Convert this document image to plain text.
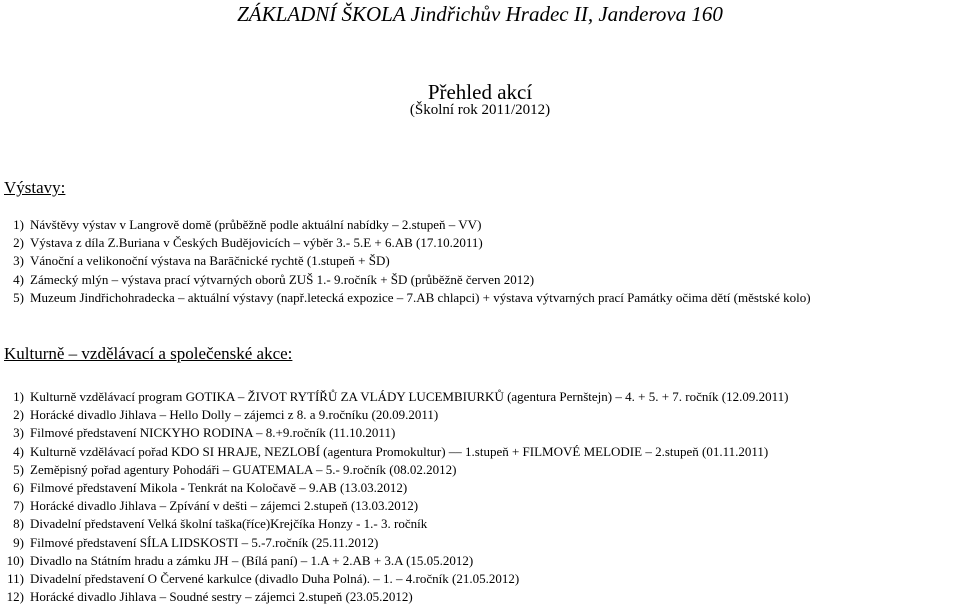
ZÁKLADNÍ ŠKOLA Jindřichův Hradec II, Janderova 160
Přehled akcí
(Školní rok 2011/2012)
Výstavy:
1) Návštěvy výstav v Langrově domě (průběžně podle aktuální nabídky – 2.stupeň – VV)
2) Výstava z díla Z.Buriana v Českých Budějovicích – výběr 3.- 5.E + 6.AB (17.10.2011)
3) Vánoční a velikonoční výstava na Barāčnické rychtě (1.stupeň + ŠD)
4) Zámecký mlýn – výstava prací výtvarných oborů ZUŠ 1.- 9.ročník + ŠD (průběžně červen 2012)
5) Muzeum Jindřichohradecka – aktuální výstavy (např.letecká expozice – 7.AB chlapci) + výstava výtvarných prací Památky očima dětí (městské kolo)
Kulturně – vzdělávací a společenské akce:
1) Kulturně vzdělávací program GOTIKA – ŽIVOT RYTÍŘŮ ZA VLÁDY LUCEMBIURKŮ (agentura Pernštejn) – 4. + 5. + 7. ročník (12.09.2011)
2) Horácké divadlo Jihlava – Hello Dolly – zájemci z 8. a 9.ročníku (20.09.2011)
3) Filmové představení NICKYHO RODINA – 8.+9.ročník (11.10.2011)
4) Kulturně vzdělávací pořad KDO SI HRAJE, NEZLOBÍ (agentura Promokultur) –– 1.stupeň + FILMOVÉ MELODIE – 2.stupeň (01.11.2011)
5) Zeměpisný pořad agentury Pohodáři – GUATEMALA – 5.- 9.ročník (08.02.2012)
6) Filmové představení Mikola - Tenkrát na Koločavě – 9.AB (13.03.2012)
7) Horácké divadlo Jihlava – Zpívání v dešti – zájemci 2.stupeň (13.03.2012)
8) Divadelní představení Velká školní taška(říce)Krejčíka Honzy - 1.- 3. ročník
9) Filmové představení SÍLA LIDSKOSTI – 5.-7.ročník (25.11.2012)
10) Divadlo na Státním hradu a zámku JH – (Bílá paní) – 1.A + 2.AB + 3.A (15.05.2012)
11) Divadelní představení O Červené karkulce (divadlo Duha Polná). – 1. – 4.ročník (21.05.2012)
12) Horácké divadlo Jihlava – Soudné sestry – zájemci 2.stupeň (23.05.2012)
